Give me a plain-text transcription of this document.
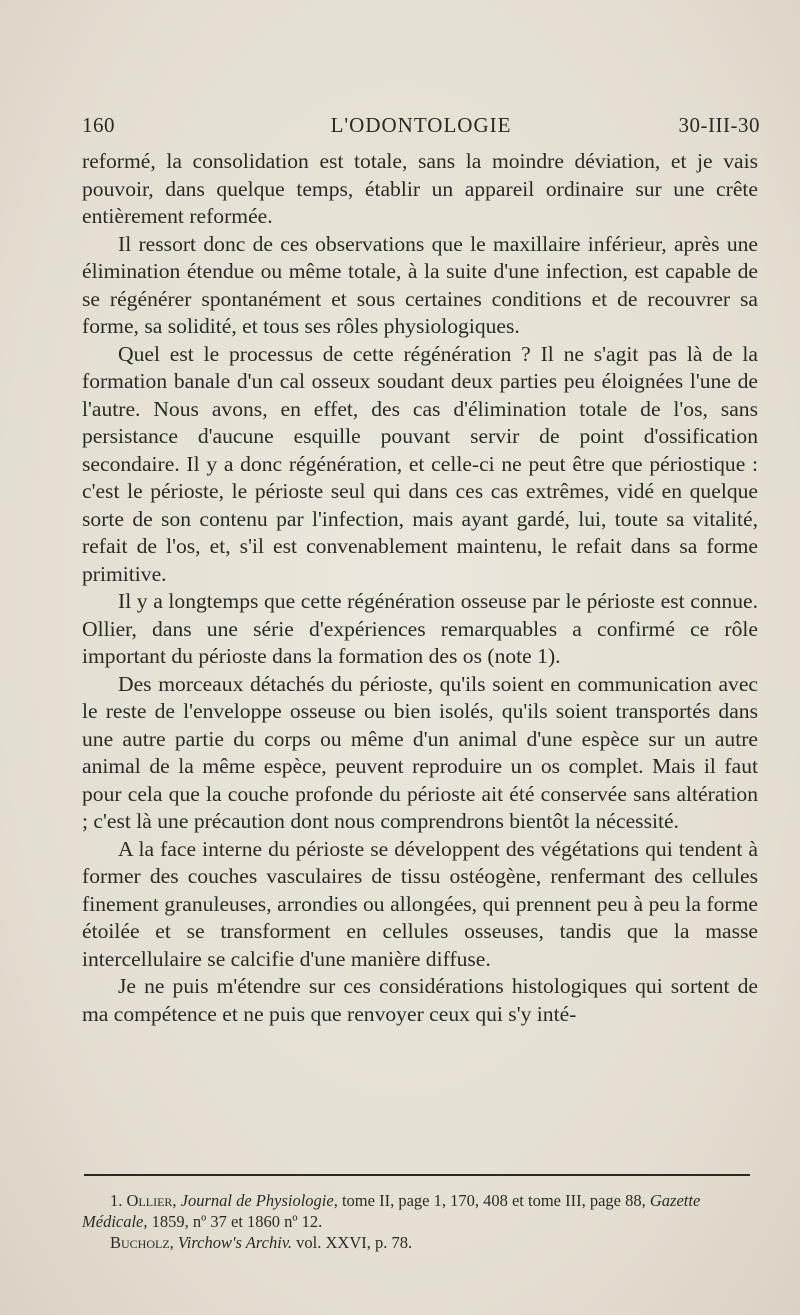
160	L'ODONTOLOGIE	30-III-30

reformé, la consolidation est totale, sans la moindre déviation, et je vais pouvoir, dans quelque temps, établir un appareil ordinaire sur une crête entièrement reformée.

Il ressort donc de ces observations que le maxillaire inférieur, après une élimination étendue ou même totale, à la suite d'une infection, est capable de se régénérer spontanément et sous certaines conditions et de recouvrer sa forme, sa solidité, et tous ses rôles physiologiques.

Quel est le processus de cette régénération ? Il ne s'agit pas là de la formation banale d'un cal osseux soudant deux parties peu éloignées l'une de l'autre. Nous avons, en effet, des cas d'élimination totale de l'os, sans persistance d'aucune esquille pouvant servir de point d'ossification secondaire. Il y a donc régénération, et celle-ci ne peut être que périostique : c'est le périoste, le périoste seul qui dans ces cas extrêmes, vidé en quelque sorte de son contenu par l'infection, mais ayant gardé, lui, toute sa vitalité, refait de l'os, et, s'il est convenablement maintenu, le refait dans sa forme primitive.

Il y a longtemps que cette régénération osseuse par le périoste est connue. Ollier, dans une série d'expériences remarquables a confirmé ce rôle important du périoste dans la formation des os (note 1).

Des morceaux détachés du périoste, qu'ils soient en communication avec le reste de l'enveloppe osseuse ou bien isolés, qu'ils soient transportés dans une autre partie du corps ou même d'un animal d'une espèce sur un autre animal de la même espèce, peuvent reproduire un os complet. Mais il faut pour cela que la couche profonde du périoste ait été conservée sans altération ; c'est là une précaution dont nous comprendrons bientôt la nécessité.

A la face interne du périoste se développent des végétations qui tendent à former des couches vasculaires de tissu ostéogène, renfermant des cellules finement granuleuses, arrondies ou allongées, qui prennent peu à peu la forme étoilée et se transforment en cellules osseuses, tandis que la masse intercellulaire se calcifie d'une manière diffuse.

Je ne puis m'étendre sur ces considérations histologiques qui sortent de ma compétence et ne puis que renvoyer ceux qui s'y inté-

1. Ollier, Journal de Physiologie, tome II, page 1, 170, 408 et tome III, page 88, Gazette Médicale, 1859, nº 37 et 1860 nº 12.

Bucholz, Virchow's Archiv. vol. XXVI, p. 78.
